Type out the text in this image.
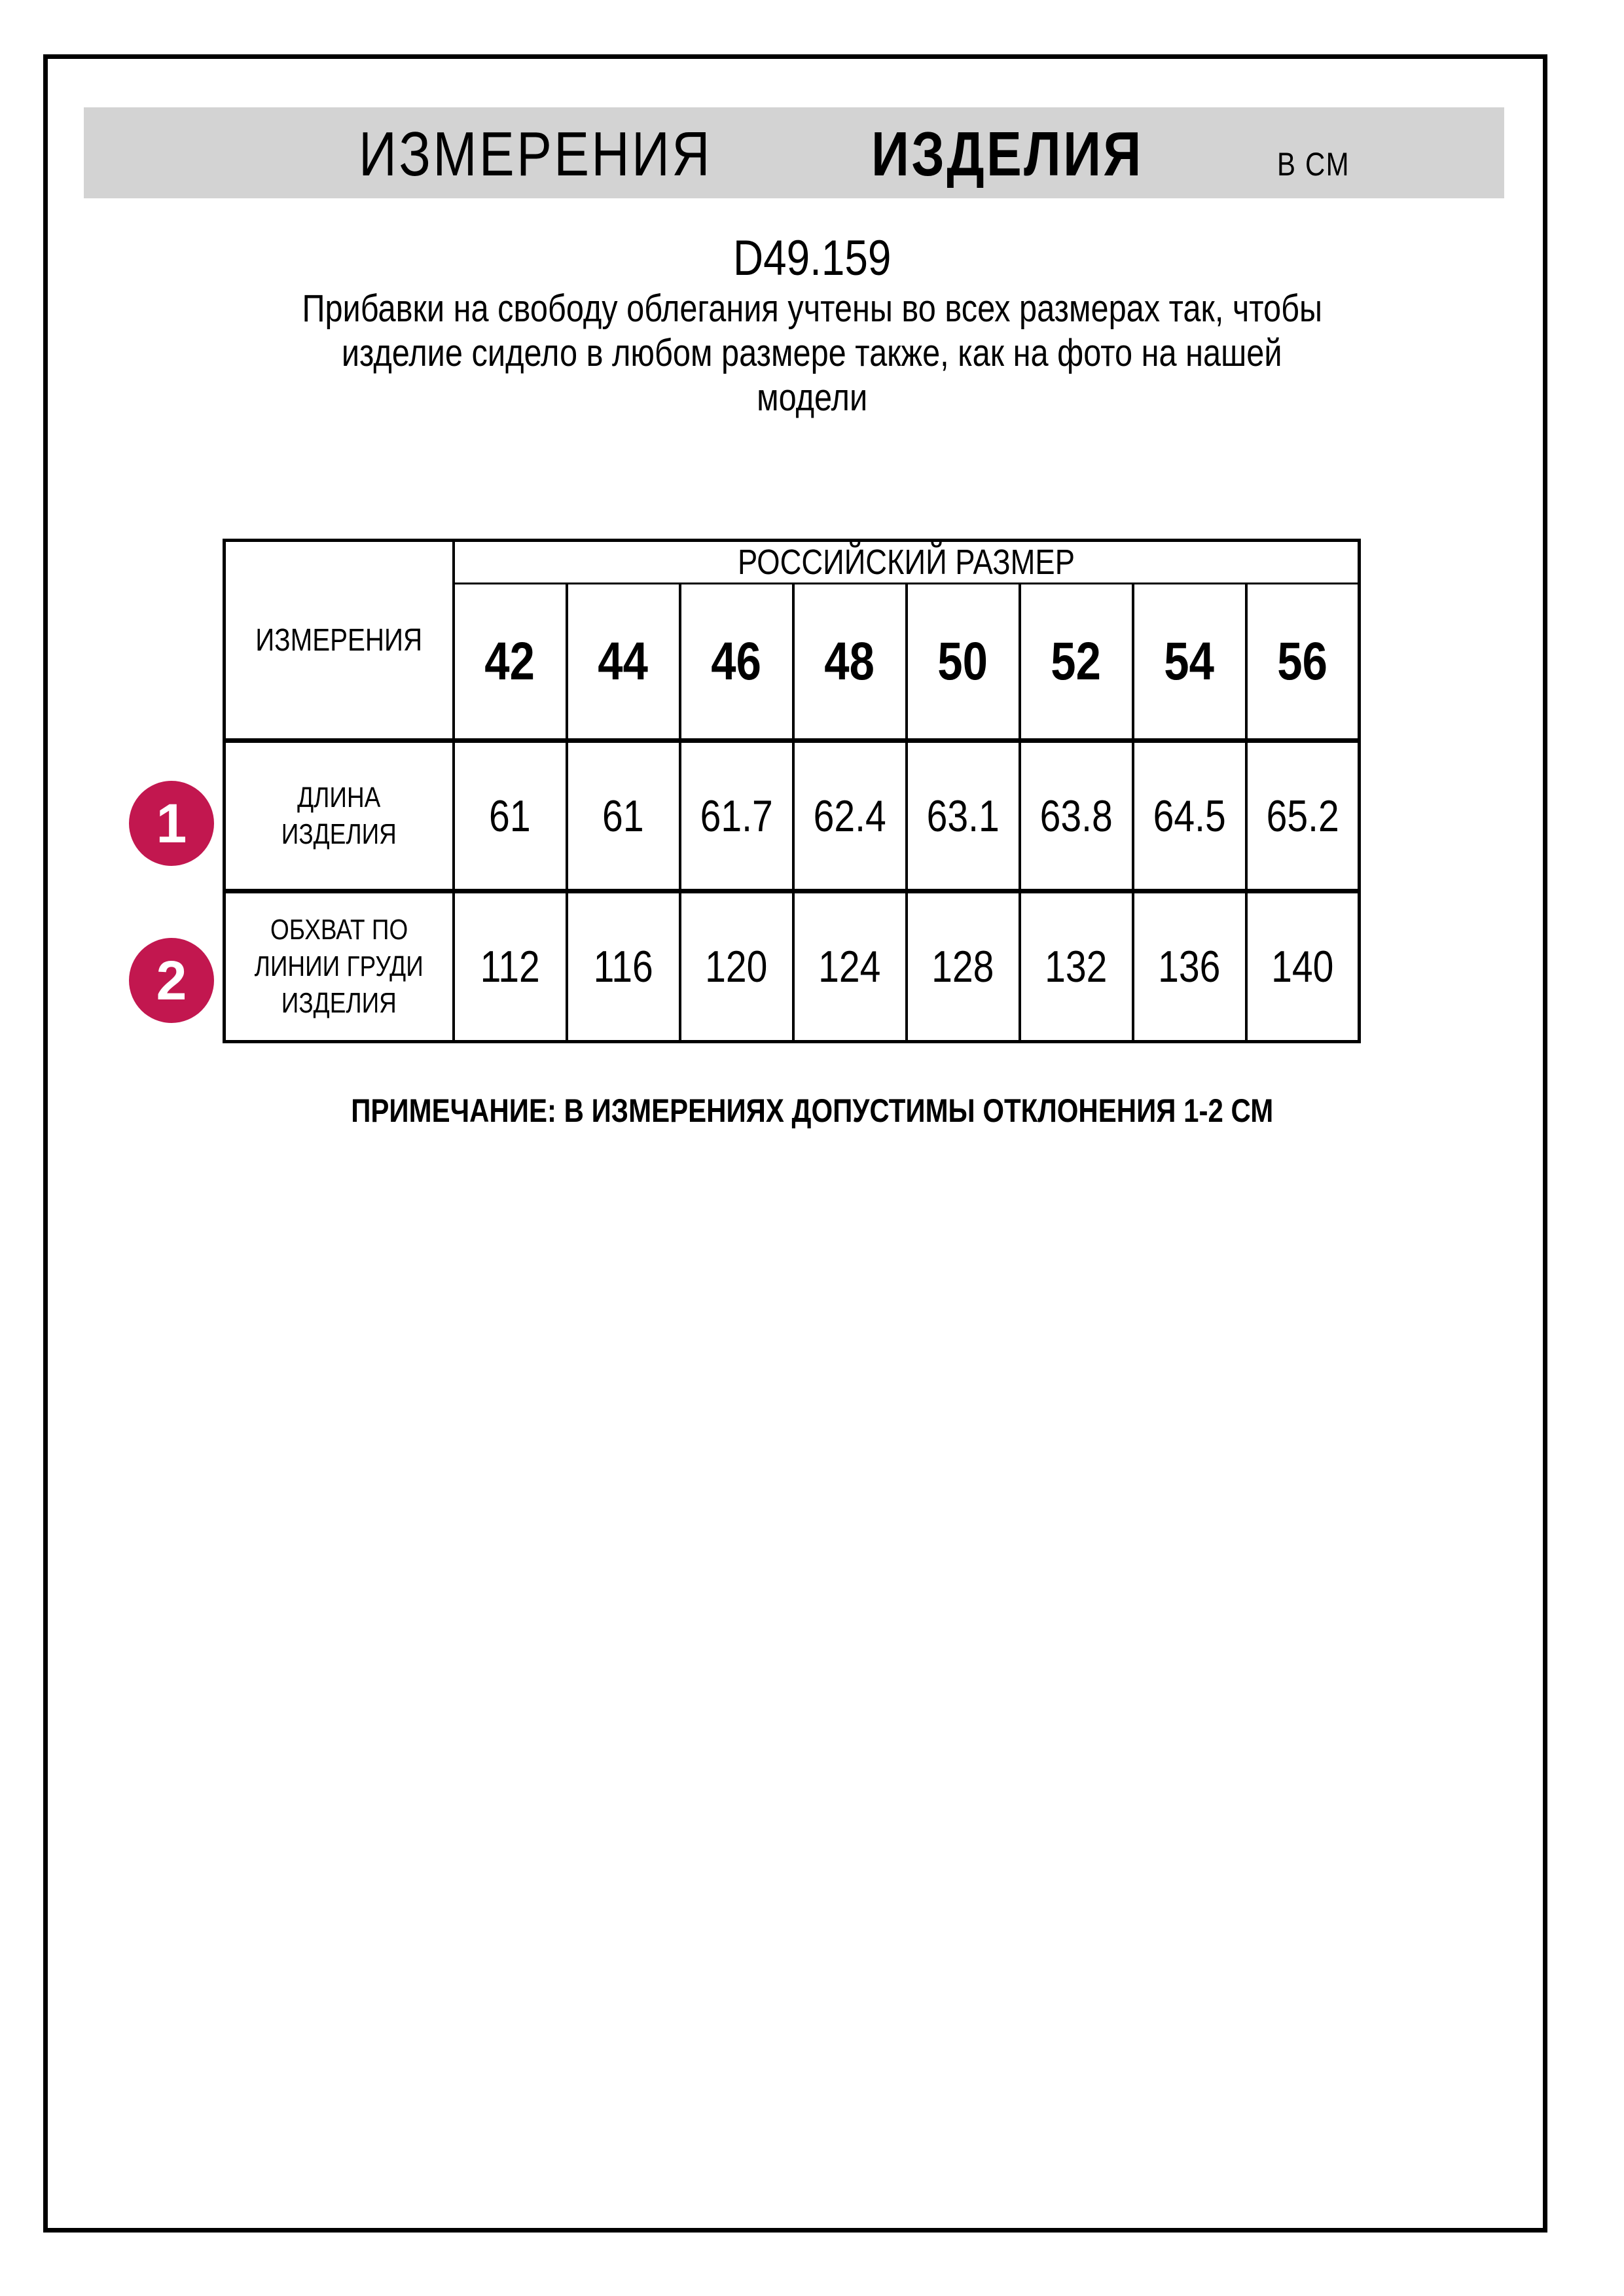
ИЗМЕРЕНИЯ	ИЗДЕЛИЯ	В СМ
D49.159
Прибавки на свободу облегания учтены во всех размерах так, чтобы
изделие сидело в любом размере также, как на фото на нашей
модели
ИЗМЕРЕНИЯ	РОССИЙСКИЙ РАЗМЕР							
	42	44	46	48	50	52	54	56

ДЛИНА
ИЗДЕЛИЯ	61	61	61.7	62.4	63.1	63.8	64.5	65.2

ОБХВАТ ПО
ЛИНИИ ГРУДИ
ИЗДЕЛИЯ	112	116	120	124	128	132	136	140
1
2
ПРИМЕЧАНИЕ: В ИЗМЕРЕНИЯХ ДОПУСТИМЫ ОТКЛОНЕНИЯ 1-2 СМ
